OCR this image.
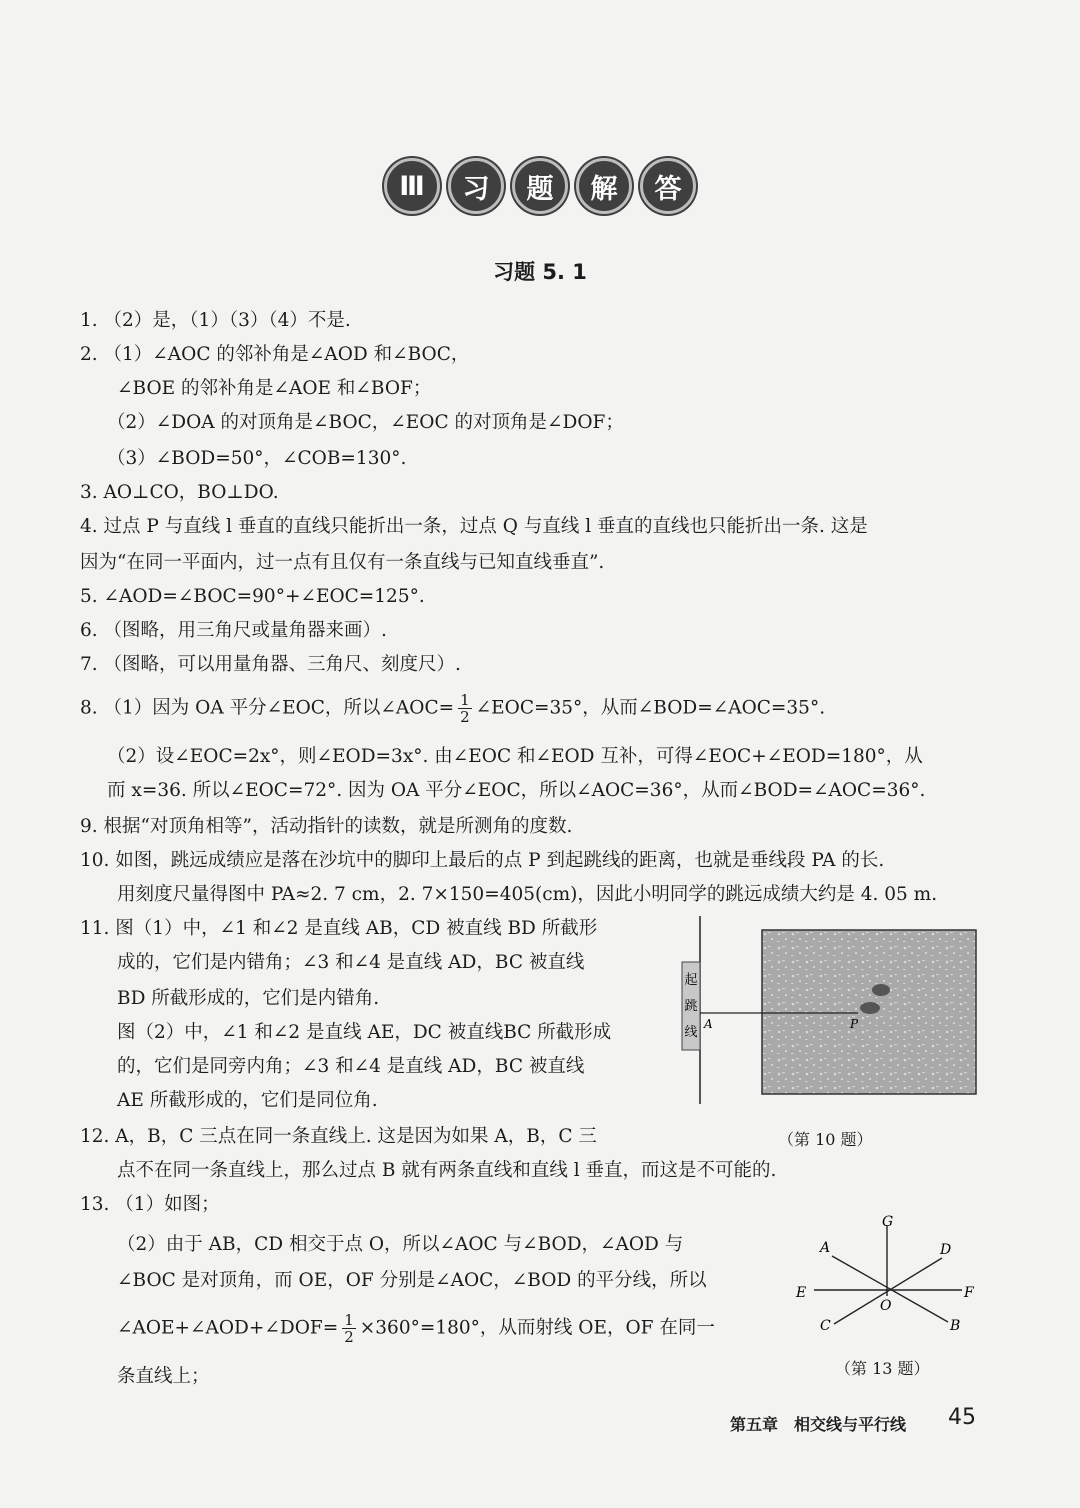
Ⅲ	习	题	解	答
习题 5. 1
1. （2）是，（1）（3）（4）不是.
2. （1）∠AOC 的邻补角是∠AOD 和∠BOC，
∠BOE 的邻补角是∠AOE 和∠BOF；
（2）∠DOA 的对顶角是∠BOC，∠EOC 的对顶角是∠DOF；
（3）∠BOD=50°，∠COB=130°.
3. AO⊥CO，BO⊥DO.
4. 过点 P 与直线 l 垂直的直线只能折出一条，过点 Q 与直线 l 垂直的直线也只能折出一条. 这是
因为“在同一平面内，过一点有且仅有一条直线与已知直线垂直”.
5. ∠AOD=∠BOC=90°+∠EOC=125°.
6. （图略，用三角尺或量角器来画）.
7. （图略，可以用量角器、三角尺、刻度尺）.
8. （1）因为 OA 平分∠EOC，所以∠AOC= $\frac{1}{2}$ ∠EOC=35°，从而∠BOD=∠AOC=35°.
（2）设∠EOC=2x°，则∠EOD=3x°. 由∠EOC 和∠EOD 互补，可得∠EOC+∠EOD=180°，从
而 x=36. 所以∠EOC=72°. 因为 OA 平分∠EOC，所以∠AOC=36°，从而∠BOD=∠AOC=36°.
9. 根据“对顶角相等”，活动指针的读数，就是所测角的度数.
10. 如图，跳远成绩应是落在沙坑中的脚印上最后的点 P 到起跳线的距离，也就是垂线段 PA 的长.
用刻度尺量得图中 PA≈2. 7 cm，2. 7×150=405(cm)，因此小明同学的跳远成绩大约是 4. 05 m.
11. 图（1）中，∠1 和∠2 是直线 AB，CD 被直线 BD 所截形
成的，它们是内错角；∠3 和∠4 是直线 AD，BC 被直线
BD 所截形成的，它们是内错角.
图（2）中，∠1 和∠2 是直线 AE，DC 被直线BC 所截形成
的，它们是同旁内角；∠3 和∠4 是直线 AD，BC 被直线
AE 所截形成的，它们是同位角.
12. A，B，C 三点在同一条直线上. 这是因为如果 A，B，C 三
点不在同一条直线上，那么过点 B 就有两条直线和直线 l 垂直，而这是不可能的.
13. （1）如图；
（2）由于 AB，CD 相交于点 O，所以∠AOC 与∠BOD，∠AOD 与
∠BOC 是对顶角，而 OE，OF 分别是∠AOC，∠BOD 的平分线，所以
∠AOE+∠AOD+∠DOF= $\frac{1}{2} \times 360^\circ=180^\circ$，从而射线 OE，OF 在同一
条直线上；
起
跳
线
A	P
（第 10 题）
G
A	D
E	F
O
C	B
（第 13 题）
第五章　相交线与平行线 45
